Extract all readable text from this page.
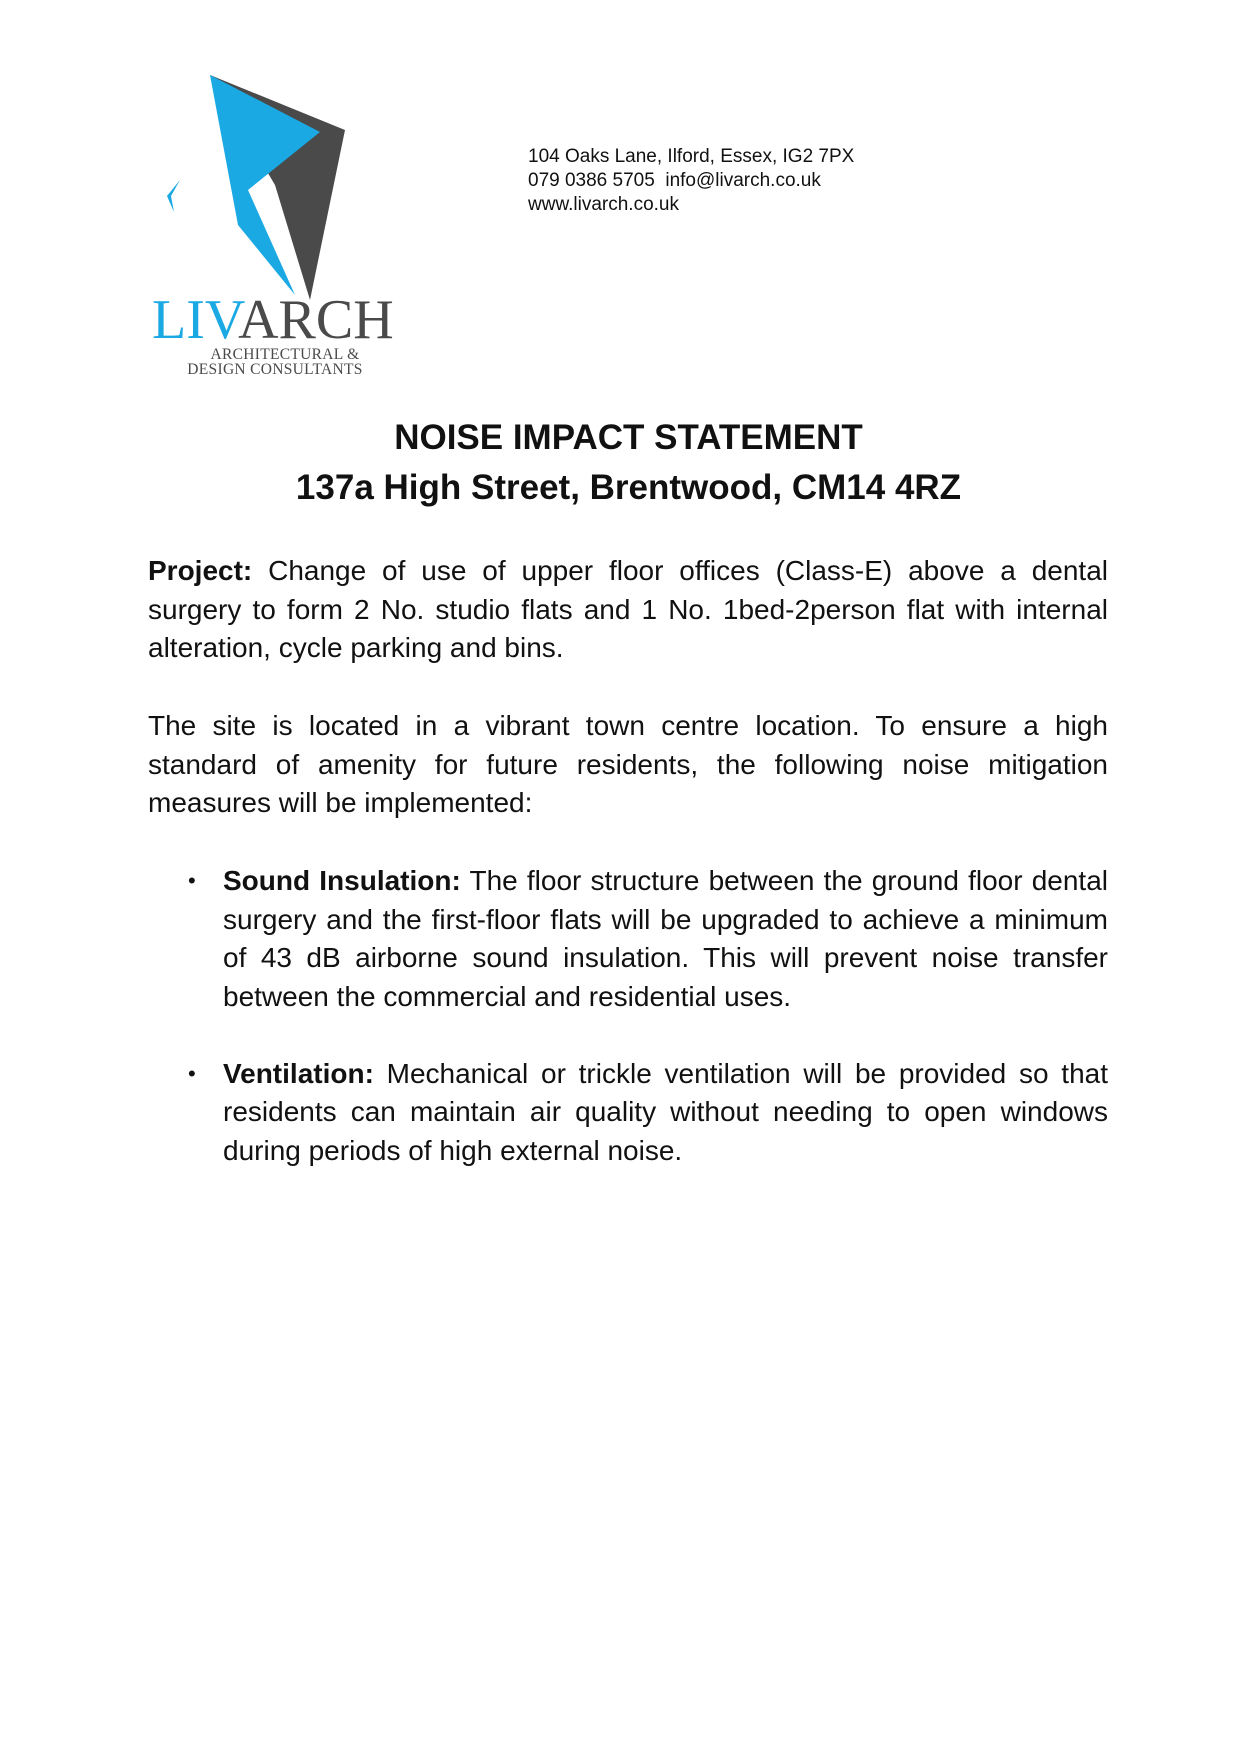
LIVARCH
ARCHITECTURAL &
DESIGN CONSULTANTS
104 Oaks Lane, Ilford, Essex, IG2 7PX
079 0386 5705  info@livarch.co.uk
www.livarch.co.uk
NOISE IMPACT STATEMENT
137a High Street, Brentwood, CM14 4RZ
Project: Change of use of upper floor offices (Class-E) above a dental surgery to form 2 No. studio flats and 1 No. 1bed-2person flat with internal alteration, cycle parking and bins.
The site is located in a vibrant town centre location. To ensure a high standard of amenity for future residents, the following noise mitigation measures will be implemented:
• Sound Insulation: The floor structure between the ground floor dental surgery and the first-floor flats will be upgraded to achieve a minimum of 43 dB airborne sound insulation. This will prevent noise transfer between the commercial and residential uses.
• Ventilation: Mechanical or trickle ventilation will be provided so that residents can maintain air quality without needing to open windows during periods of high external noise.
